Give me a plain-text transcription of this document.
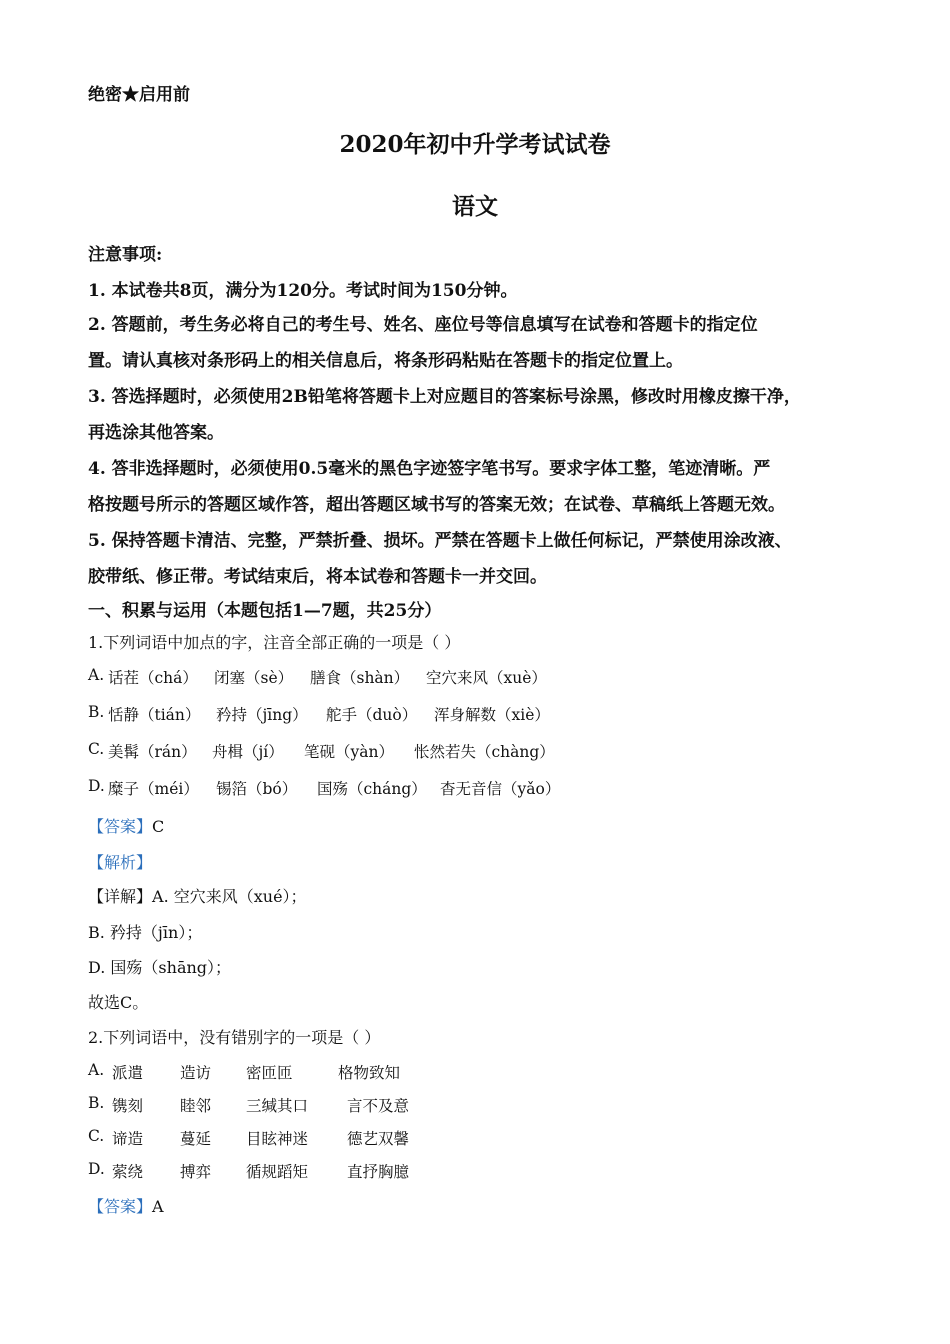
绝密★启用前
2020年初中升学考试试卷
语文
注意事项:
1. 本试卷共8页，满分为120分。考试时间为150分钟。
2. 答题前，考生务必将自己的考生号、姓名、座位号等信息填写在试卷和答题卡的指定位
置。请认真核对条形码上的相关信息后，将条形码粘贴在答题卡的指定位置上。
3. 答选择题时，必须使用2B铅笔将答题卡上对应题目的答案标号涂黑，修改时用橡皮擦干净，
再选涂其他答案。
4. 答非选择题时，必须使用0.5毫米的黑色字迹签字笔书写。要求字体工整，笔迹清晰。严
格按题号所示的答题区域作答，超出答题区域书写的答案无效；在试卷、草稿纸上答题无效。
5. 保持答题卡清洁、完整，严禁折叠、损坏。严禁在答题卡上做任何标记，严禁使用涂改液、
胶带纸、修正带。考试结束后，将本试卷和答题卡一并交回。
一、积累与运用（本题包括1—7题，共25分）
1.下列词语中加点的字，注音全部正确的一项是（ ）
A. 话茬（chá） 闭塞（sè） 膳食（shàn） 空穴来风（xuè）
B. 恬静（tián） 矜持（jīng） 舵手（duò） 浑身解数（xiè）
C. 美髯（rán） 舟楫（jí） 笔砚（yàn） 怅然若失（chàng）
D. 糜子（méi） 锡箔（bó） 国殇（cháng） 杳无音信（yǎo）
【答案】C
【解析】
【详解】A. 空穴来风（xué）；
B. 矜持（jīn）；
D. 国殇（shāng）；
故选C。
2.下列词语中，没有错别字的一项是（ ）
A. 派遣 造访 密匝匝	格物致知
B. 镌刻 睦邻 三缄其口	言不及意
C. 谛造 蔓延 目眩神迷	德艺双馨
D. 萦绕 搏弈 循规蹈矩	直抒胸臆
【答案】A
